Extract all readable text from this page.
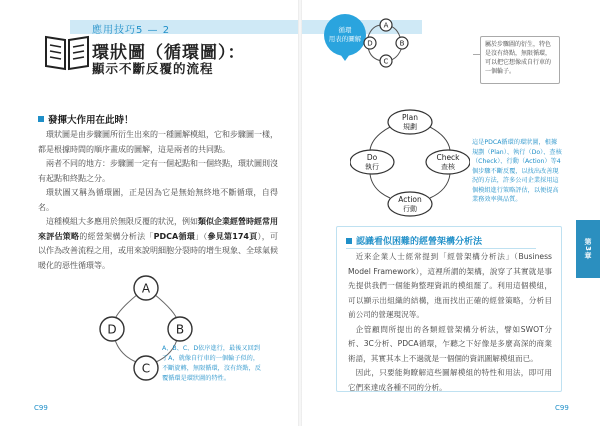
應用技巧5 — 2
環狀圖（循環圖）：
顯示不斷反覆的流程
循環
用表的圖解
A
B
C
D	屬於步驟圖的衍生，特色是沒有終點，無限循環，可以把它想像成自行車的一個輪子。
發揮大作用在此時！

環狀圖是由步驟圖所衍生出來的一種圖解模組，它和步驟圖一樣，都是根據時間的順序畫成的圖解，這是兩者的共同點。

兩者不同的地方：步驟圖一定有一個起點和一個終點，環狀圖則沒有起點和終點之分。

環狀圖又稱為循環圖，正是因為它是無始無終地不斷循環，自得名。

這種模組大多應用於無限反覆的狀況，例如類似企業經營時經常用來評估策略的經營架構分析法「PDCA循環」（參見第174頁），可以作為改善流程之用，或用來說明細胞分裂時的增生現象、全球氣候暖化的惡性循環等。

A
B
C
D
A、B、C、D依序進行，最後又回到了A，就像自行車的一個輪子似的，不斷旋轉，無限循環，沒有終點，反覆循環是環狀圖的特性。
Plan
規劃
Check
查核
Action
行動
Do
執行
這是PDCA循環的環狀圖，根據規劃（Plan）、執行（Do）、查核（Check）、行動（Action）等4個步驟不斷反覆，以找出改善現況的方法，許多公司企業採用這個模組進行策略評估，以便提高業務效率與品質。
認識看似困難的經營架構分析法

近來企業人士經常提到「經營架構分析法」（Business Model Framework），這裡所謂的架構，說穿了其實就是事先提供我們一個能夠整理資訊的模組罷了。利用這個模組，可以顯示出組織的結構，進而找出正確的經營策略，分析目前公司的營運現況等。

企管顧問所提出的各類經營架構分析法，譬如SWOT分析、3C分析、PDCA循環，乍聽之下好像是多麼高深的商業術語，其實其本上不過就是一個個的資訊圖解模組而已。

因此，只要能夠瞭解這些圖解模組的特性和用法，即可用它們來達成各種不同的分析。

第3章
C99	C99
